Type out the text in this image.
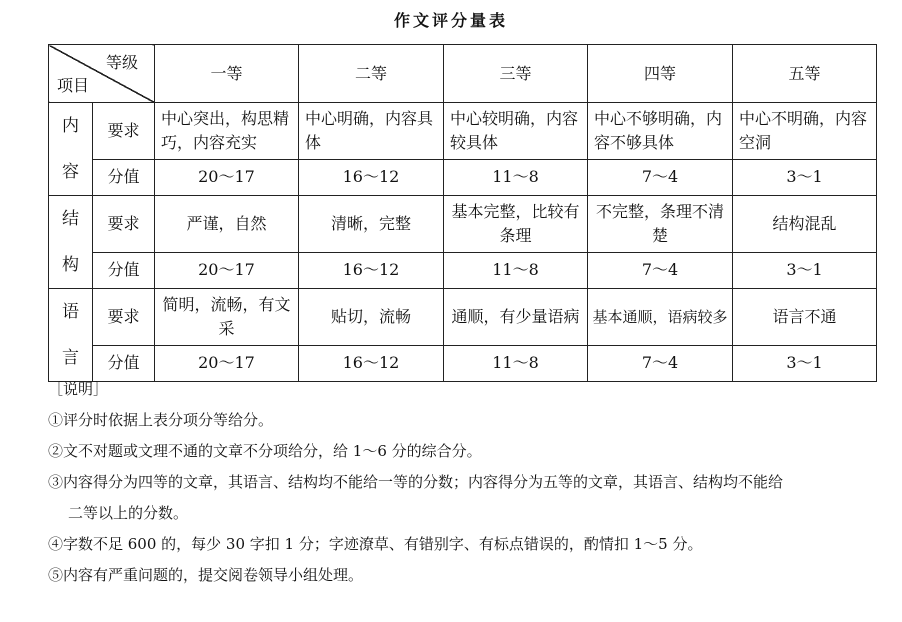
作文评分量表
等级
项目		一等	二等	三等	四等	五等

内
容	要求	中心突出，构思精巧，内容充实	中心明确，内容具体	中心较明确，内容较具体	中心不够明确，内容不够具体	中心不明确，内容空洞
	分值	20～17	16～12	11～8	7～4	3～1

结
构	要求	严谨，自然	清晰，完整	基本完整，比较有条理	不完整，条理不清楚	结构混乱
	分值	20～17	16～12	11～8	7～4	3～1

语
言	要求	简明，流畅，有文采	贴切，流畅	通顺，有少量语病	基本通顺，语病较多	语言不通
	分值	20～17	16～12	11～8	7～4	3～1
［说明］
①评分时依据上表分项分等给分。
②文不对题或文理不通的文章不分项给分，给 1～6 分的综合分。
③内容得分为四等的文章，其语言、结构均不能给一等的分数；内容得分为五等的文章，其语言、结构均不能给
二等以上的分数。
④字数不足 600 的，每少 30 字扣 1 分；字迹潦草、有错别字、有标点错误的，酌情扣 1～5 分。
⑤内容有严重问题的，提交阅卷领导小组处理。
